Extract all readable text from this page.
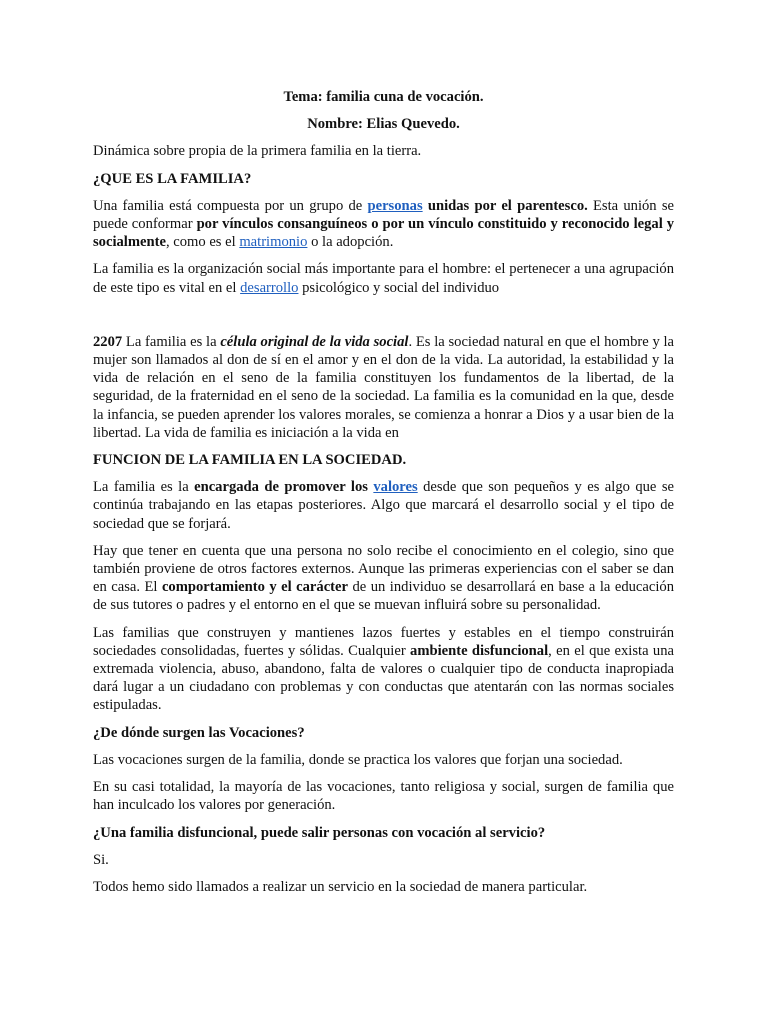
Tema: familia cuna de vocación.

Nombre: Elias Quevedo.

Dinámica sobre propia de la primera familia en la tierra.

¿QUE ES LA FAMILIA?

Una familia está compuesta por un grupo de personas unidas por el parentesco. Esta unión se puede conformar por vínculos consanguíneos o por un vínculo constituido y reconocido legal y socialmente, como es el matrimonio o la adopción.

La familia es la organización social más importante para el hombre: el pertenecer a una agrupación de este tipo es vital en el desarrollo psicológico y social del individuo

2207 La familia es la célula original de la vida social. Es la sociedad natural en que el hombre y la mujer son llamados al don de sí en el amor y en el don de la vida. La autoridad, la estabilidad y la vida de relación en el seno de la familia constituyen los fundamentos de la libertad, de la seguridad, de la fraternidad en el seno de la sociedad. La familia es la comunidad en la que, desde la infancia, se pueden aprender los valores morales, se comienza a honrar a Dios y a usar bien de la libertad. La vida de familia es iniciación a la vida en

FUNCION DE LA FAMILIA EN LA SOCIEDAD.

La familia es la encargada de promover los valores desde que son pequeños y es algo que se continúa trabajando en las etapas posteriores. Algo que marcará el desarrollo social y el tipo de sociedad que se forjará.

Hay que tener en cuenta que una persona no solo recibe el conocimiento en el colegio, sino que también proviene de otros factores externos. Aunque las primeras experiencias con el saber se dan en casa. El comportamiento y el carácter de un individuo se desarrollará en base a la educación de sus tutores o padres y el entorno en el que se muevan influirá sobre su personalidad.

Las familias que construyen y mantienes lazos fuertes y estables en el tiempo construirán sociedades consolidadas, fuertes y sólidas. Cualquier ambiente disfuncional, en el que exista una extremada violencia, abuso, abandono, falta de valores o cualquier tipo de conducta inapropiada dará lugar a un ciudadano con problemas y con conductas que atentarán con las normas sociales estipuladas.

¿De dónde surgen las Vocaciones?

Las vocaciones surgen de la familia, donde se practica los valores que forjan una sociedad.

En su casi totalidad, la mayoría de las vocaciones, tanto religiosa y social, surgen de familia que han inculcado los valores por generación.

¿Una familia disfuncional, puede salir personas con vocación al servicio?

Si.

Todos hemo sido llamados a realizar un servicio en la sociedad de manera particular.
